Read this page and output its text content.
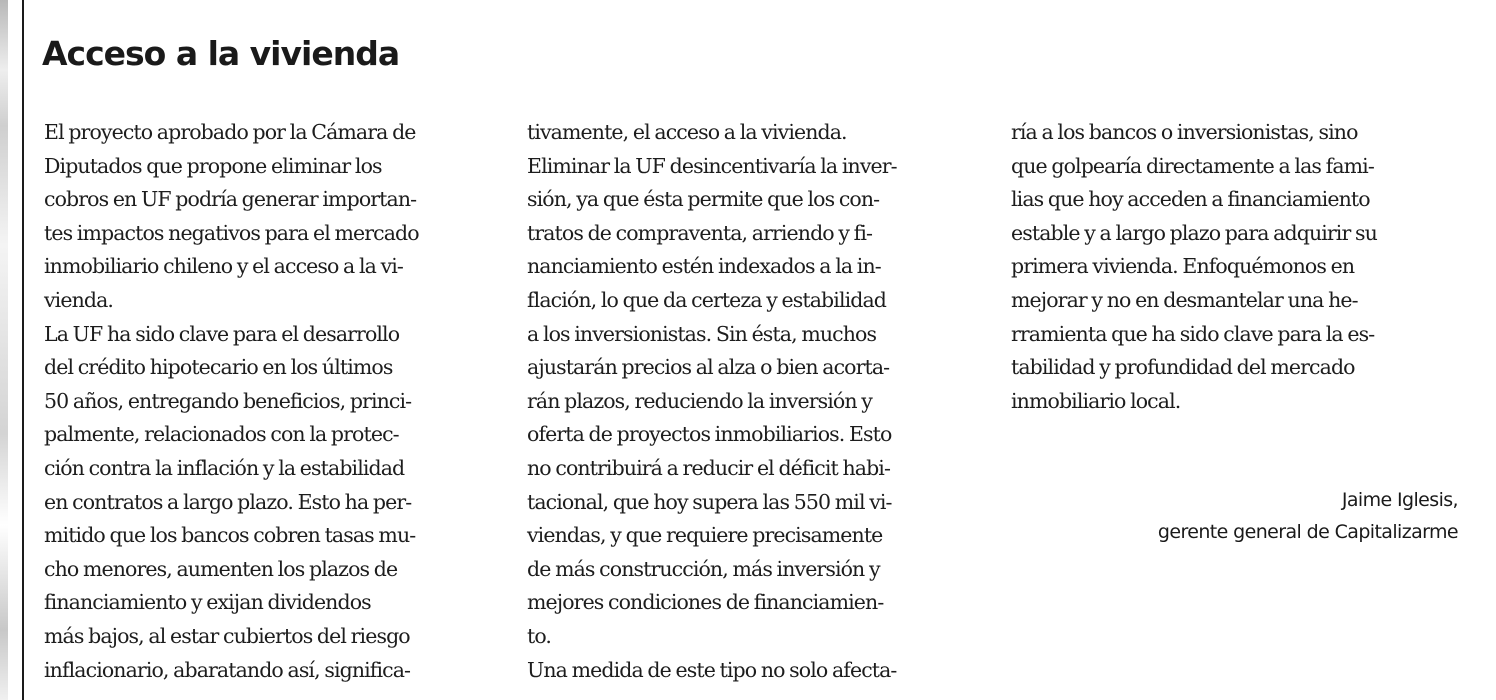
Acceso a la vivienda
El proyecto aprobado por la Cámara de
Diputados que propone eliminar los
cobros en UF podría generar importan-
tes impactos negativos para el mercado
inmobiliario chileno y el acceso a la vi-
vienda.
La UF ha sido clave para el desarrollo
del crédito hipotecario en los últimos
50 años, entregando beneficios, princi-
palmente, relacionados con la protec-
ción contra la inflación y la estabilidad
en contratos a largo plazo. Esto ha per-
mitido que los bancos cobren tasas mu-
cho menores, aumenten los plazos de
financiamiento y exijan dividendos
más bajos, al estar cubiertos del riesgo
inflacionario, abaratando así, significa-
tivamente, el acceso a la vivienda.
Eliminar la UF desincentivaría la inver-
sión, ya que ésta permite que los con-
tratos de compraventa, arriendo y fi-
nanciamiento estén indexados a la in-
flación, lo que da certeza y estabilidad
a los inversionistas. Sin ésta, muchos
ajustarán precios al alza o bien acorta-
rán plazos, reduciendo la inversión y
oferta de proyectos inmobiliarios. Esto
no contribuirá a reducir el déficit habi-
tacional, que hoy supera las 550 mil vi-
viendas, y que requiere precisamente
de más construcción, más inversión y
mejores condiciones de financiamien-
to.
Una medida de este tipo no solo afecta-
ría a los bancos o inversionistas, sino
que golpearía directamente a las fami-
lias que hoy acceden a financiamiento
estable y a largo plazo para adquirir su
primera vivienda. Enfoquémonos en
mejorar y no en desmantelar una he-
rramienta que ha sido clave para la es-
tabilidad y profundidad del mercado
inmobiliario local.
Jaime Iglesis,
gerente general de Capitalizarme
